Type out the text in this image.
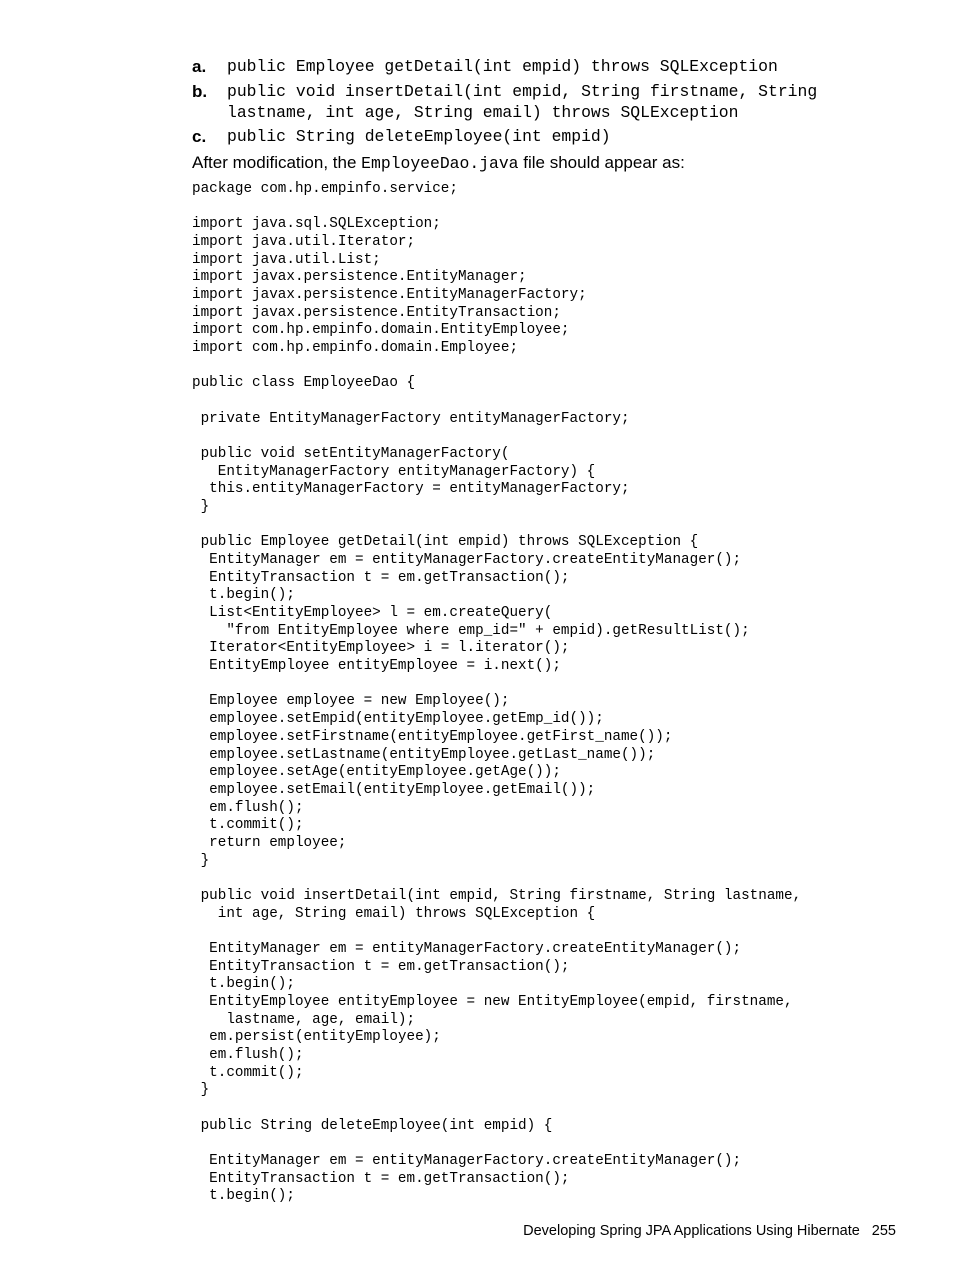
a.	public Employee getDetail(int empid) throws SQLException
b.	public void insertDetail(int empid, String firstname, String lastname, int age, String email) throws SQLException
c.	public String deleteEmployee(int empid)
After modification, the EmployeeDao.java file should appear as:
package com.hp.empinfo.service;

import java.sql.SQLException;
import java.util.Iterator;
import java.util.List;
import javax.persistence.EntityManager;
import javax.persistence.EntityManagerFactory;
import javax.persistence.EntityTransaction;
import com.hp.empinfo.domain.EntityEmployee;
import com.hp.empinfo.domain.Employee;

public class EmployeeDao {

private EntityManagerFactory entityManagerFactory;

public void setEntityManagerFactory(
EntityManagerFactory entityManagerFactory) {
this.entityManagerFactory = entityManagerFactory;
}

public Employee getDetail(int empid) throws SQLException {
EntityManager em = entityManagerFactory.createEntityManager();
EntityTransaction t = em.getTransaction();
t.begin();
List<EntityEmployee> l = em.createQuery(
"from EntityEmployee where emp_id=" + empid).getResultList();
Iterator<EntityEmployee> i = l.iterator();
EntityEmployee entityEmployee = i.next();

Employee employee = new Employee();
employee.setEmpid(entityEmployee.getEmp_id());
employee.setFirstname(entityEmployee.getFirst_name());
employee.setLastname(entityEmployee.getLast_name());
employee.setAge(entityEmployee.getAge());
employee.setEmail(entityEmployee.getEmail());
em.flush();
t.commit();
return employee;
}

public void insertDetail(int empid, String firstname, String lastname,
int age, String email) throws SQLException {

EntityManager em = entityManagerFactory.createEntityManager();
EntityTransaction t = em.getTransaction();
t.begin();
EntityEmployee entityEmployee = new EntityEmployee(empid, firstname,
lastname, age, email);
em.persist(entityEmployee);
em.flush();
t.commit();
}

public String deleteEmployee(int empid) {

EntityManager em = entityManagerFactory.createEntityManager();
EntityTransaction t = em.getTransaction();
t.begin();
Developing Spring JPA Applications Using Hibernate 255
